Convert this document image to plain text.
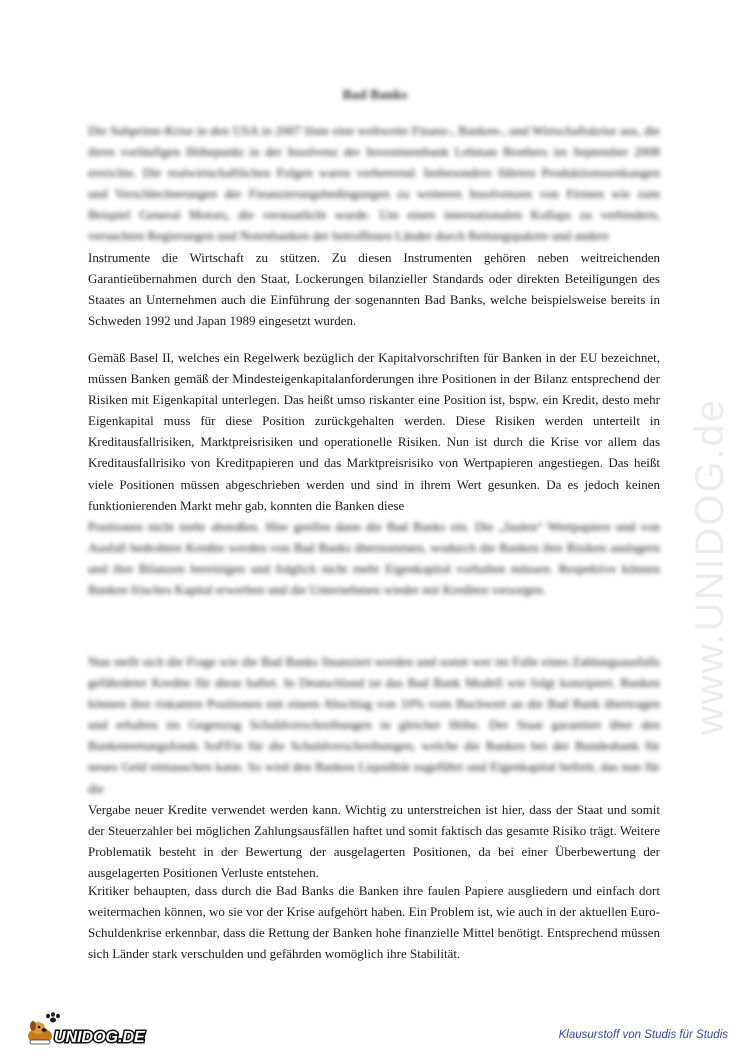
Bad Banks
Die Subprime-Krise in den USA in 2007 löste eine weltweite Finanz-, Banken-, und Wirtschaftskrise aus, die ihren vorläufigen Höhepunkt in der Insolvenz der Investmentbank Lehman Brothers im September 2008 erreichte. Die realwirtschaftlichen Folgen waren verheerend. Insbesondere führten Produktionssenkungen und Verschlechterungen der Finanzierungsbedingungen zu weiteren Insolvenzen von Firmen wie zum Beispiel General Motors, die verstaatlicht wurde. Um einen internationalen Kollaps zu verhindern, versuchten Regierungen und Notenbanken der betroffenen Länder durch Rettungspakete und andere
Instrumente die Wirtschaft zu stützen. Zu diesen Instrumenten gehören neben weitreichenden Garantieübernahmen durch den Staat, Lockerungen bilanzieller Standards oder direkten Beteiligungen des Staates an Unternehmen auch die Einführung der sogenannten Bad Banks, welche beispielsweise bereits in Schweden 1992 und Japan 1989 eingesetzt wurden.
Gemäß Basel II, welches ein Regelwerk bezüglich der Kapitalvorschriften für Banken in der EU bezeichnet, müssen Banken gemäß der Mindesteigenkapitalanforderungen ihre Positionen in der Bilanz entsprechend der Risiken mit Eigenkapital unterlegen. Das heißt umso riskanter eine Position ist, bspw. ein Kredit, desto mehr Eigenkapital muss für diese Position zurückgehalten werden. Diese Risiken werden unterteilt in Kreditausfallrisiken, Marktpreisrisiken und operationelle Risiken. Nun ist durch die Krise vor allem das Kreditausfallrisiko von Kreditpapieren und das Marktpreisrisiko von Wertpapieren angestiegen. Das heißt viele Positionen müssen abgeschrieben werden und sind in ihrem Wert gesunken. Da es jedoch keinen funktionierenden Markt mehr gab, konnten die Banken diese
Positionen nicht mehr abstoßen. Hier greifen dann die Bad Banks ein. Die „faulen“ Wertpapiere und von Ausfall bedrohten Kredite werden von Bad Banks übernommen, wodurch die Banken ihre Risiken auslagern und ihre Bilanzen bereinigen und folglich nicht mehr Eigenkapital vorhalten müssen. Respektive können Banken frisches Kapital erwerben und die Unternehmen wieder mit Krediten versorgen.
Nun stellt sich die Frage wie die Bad Banks finanziert werden und somit wer im Falle eines Zahlungsausfalls gefährdeter Kredite für diese haftet. In Deutschland ist das Bad Bank Modell wie folgt konzipiert. Banken können ihre riskanten Positionen mit einem Abschlag von 10% vom Buchwert an die Bad Bank übertragen und erhalten im Gegenzug Schuldverschreibungen in gleicher Höhe. Der Staat garantiert über den Bankenrettungsfonds SoFFin für die Schuldverschreibungen, welche die Banken bei der Bundesbank für neues Geld eintauschen kann. So wird den Banken Liquidität zugeführt und Eigenkapital befreit, das nun für die
Vergabe neuer Kredite verwendet werden kann. Wichtig zu unterstreichen ist hier, dass der Staat und somit der Steuerzahler bei möglichen Zahlungsausfällen haftet und somit faktisch das gesamte Risiko trägt. Weitere Problematik besteht in der Bewertung der ausgelagerten Positionen, da bei einer Überbewertung der ausgelagerten Positionen Verluste entstehen.
Kritiker behaupten, dass durch die Bad Banks die Banken ihre faulen Papiere ausgliedern und einfach dort weitermachen können, wo sie vor der Krise aufgehört haben. Ein Problem ist, wie auch in der aktuellen Euro- Schuldenkrise erkennbar, dass die Rettung der Banken hohe finanzielle Mittel benötigt. Entsprechend müssen sich Länder stark verschulden und gefährden womöglich ihre Stabilität.
www.UNIDOG.de
UNIDOG.DE	Klausurstoff von Studis für Studis
